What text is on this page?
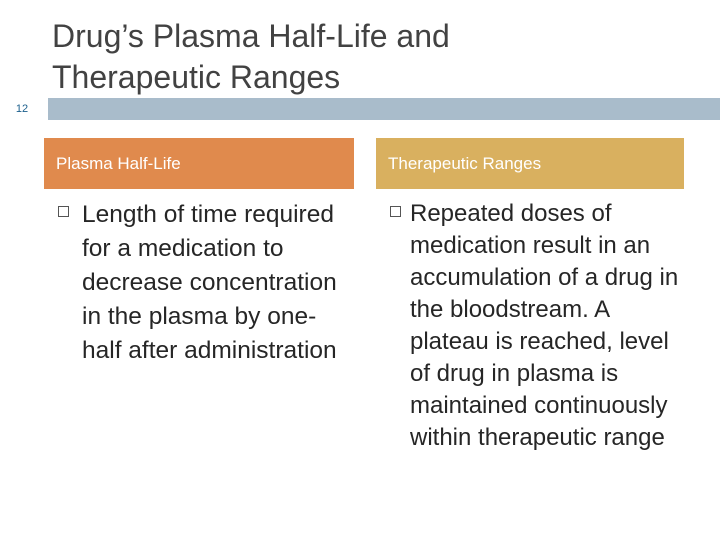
Drug’s Plasma Half-Life and
Therapeutic Ranges
12
Plasma Half-Life
Length of time required for a medication to decrease concentration in the plasma by one-half after administration
Therapeutic Ranges
Repeated doses of medication result in an accumulation of a drug in the bloodstream. A plateau is reached, level of drug in plasma is maintained continuously within therapeutic range
